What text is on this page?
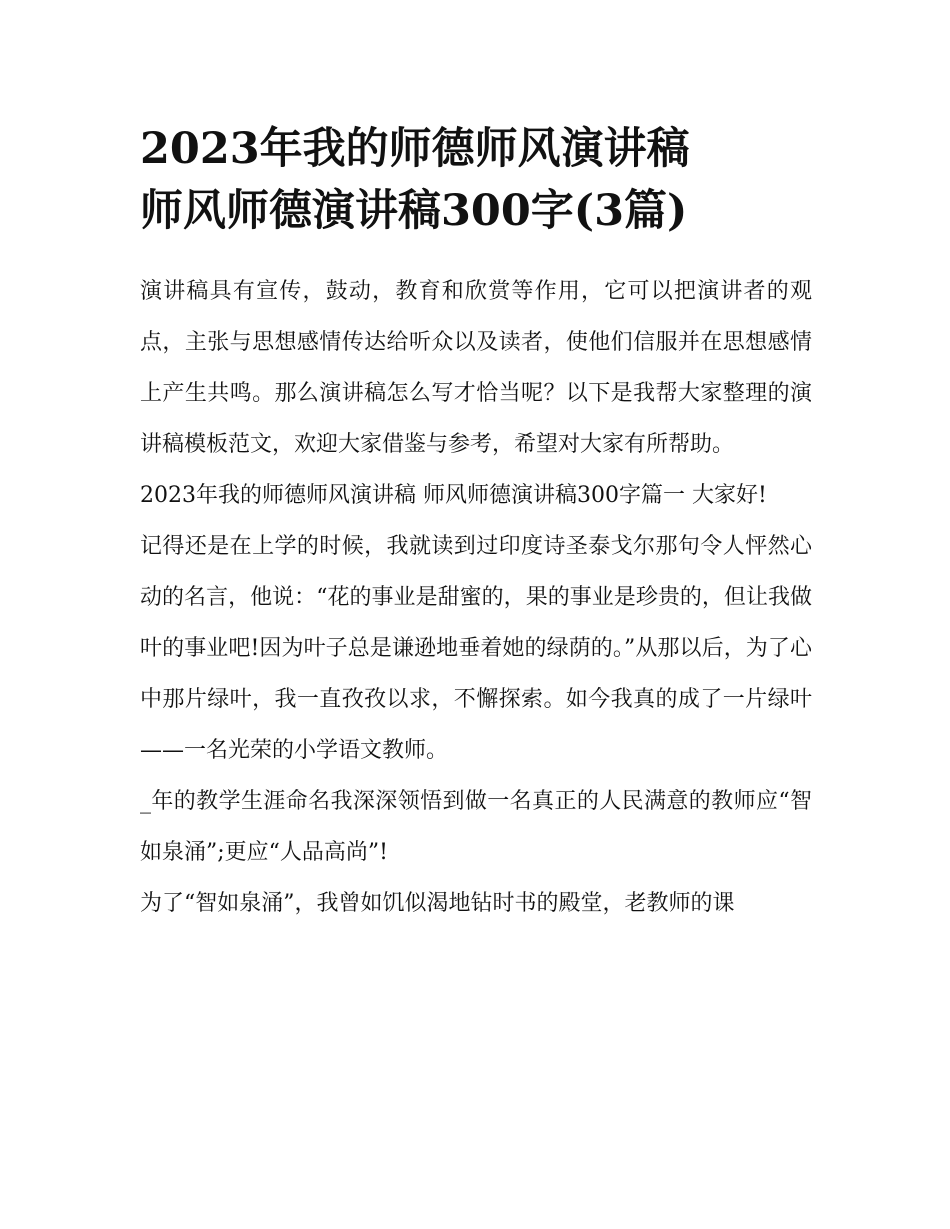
2023年我的师德师风演讲稿
师风师德演讲稿300字(3篇)

演讲稿具有宣传，鼓动，教育和欣赏等作用，它可以把演讲者的观点，主张与思想感情传达给听众以及读者，使他们信服并在思想感情上产生共鸣。那么演讲稿怎么写才恰当呢？以下是我帮大家整理的演讲稿模板范文，欢迎大家借鉴与参考，希望对大家有所帮助。

2023年我的师德师风演讲稿 师风师德演讲稿300字篇一 大家好!

记得还是在上学的时候，我就读到过印度诗圣泰戈尔那句令人怦然心动的名言，他说：“花的事业是甜蜜的，果的事业是珍贵的，但让我做叶的事业吧!因为叶子总是谦逊地垂着她的绿荫的。”从那以后，为了心中那片绿叶，我一直孜孜以求，不懈探索。如今我真的成了一片绿叶——一名光荣的小学语文教师。

_年的教学生涯命名我深深领悟到做一名真正的人民满意的教师应“智如泉涌”;更应“人品高尚”!

为了“智如泉涌”，我曾如饥似渴地钻时书的殿堂，老教师的课
